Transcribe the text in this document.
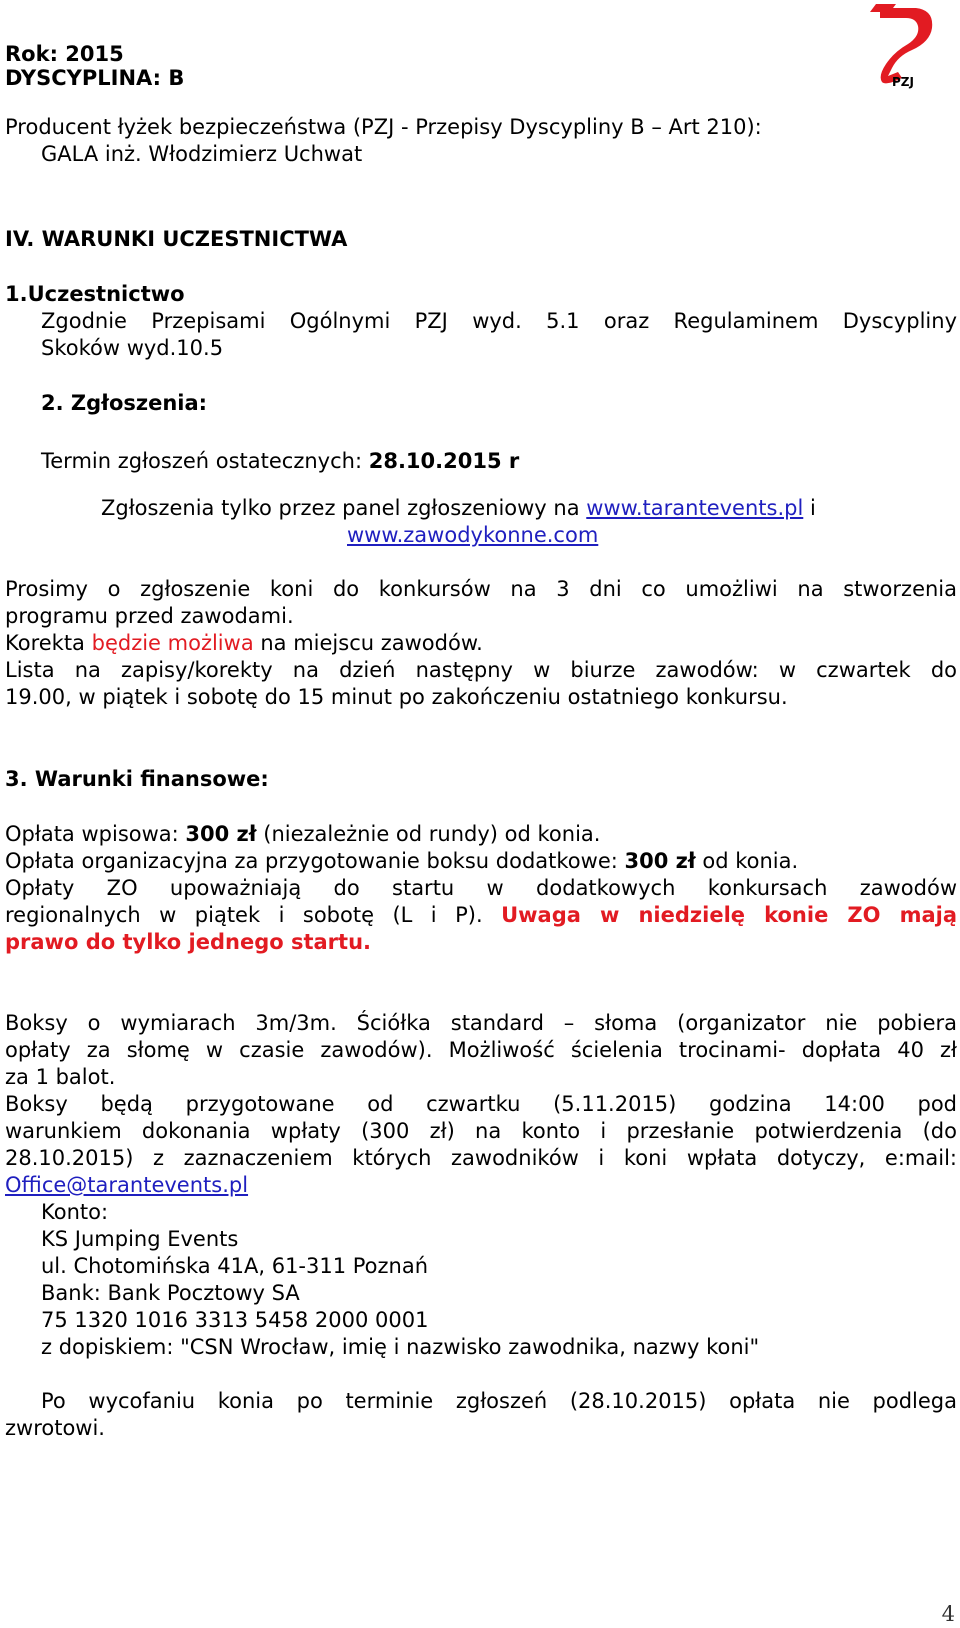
PZJ
Rok: 2015
DYSCYPLINA: B
Producent łyżek bezpieczeństwa (PZJ - Przepisy Dyscypliny B – Art 210):
GALA inż. Włodzimierz Uchwat
IV. WARUNKI UCZESTNICTWA
1.Uczestnictwo
Zgodnie Przepisami Ogólnymi PZJ wyd. 5.1 oraz Regulaminem Dyscypliny
Skoków wyd.10.5
2. Zgłoszenia:
Termin zgłoszeń ostatecznych: 28.10.2015 r
Zgłoszenia tylko przez panel zgłoszeniowy na www.tarantevents.pl i
www.zawodykonne.com
Prosimy o zgłoszenie koni do konkursów na 3 dni co umożliwi na stworzenia
programu przed zawodami.
Korekta będzie możliwa na miejscu zawodów.
Lista na zapisy/korekty na dzień następny w biurze zawodów: w czwartek do
19.00, w piątek i sobotę do 15 minut po zakończeniu ostatniego konkursu.
3. Warunki finansowe:
Opłata wpisowa: 300 zł (niezależnie od rundy) od konia.
Opłata organizacyjna za przygotowanie boksu dodatkowe: 300 zł od konia.
Opłaty ZO upoważniają do startu w dodatkowych konkursach zawodów
regionalnych w piątek i sobotę (L i P). Uwaga w niedzielę konie ZO mają
prawo do tylko jednego startu.
Boksy o wymiarach 3m/3m. Ściółka standard – słoma (organizator nie pobiera
opłaty za słomę w czasie zawodów). Możliwość ścielenia trocinami- dopłata 40 zł
za 1 balot.
Boksy będą przygotowane od czwartku (5.11.2015) godzina 14:00 pod
warunkiem dokonania wpłaty (300 zł) na konto i przesłanie potwierdzenia (do
28.10.2015) z zaznaczeniem których zawodników i koni wpłata dotyczy, e:mail:
Office@tarantevents.pl
Konto:
KS Jumping Events
ul. Chotomińska 41A, 61-311 Poznań
Bank: Bank Pocztowy SA
75 1320 1016 3313 5458 2000 0001
z dopiskiem: "CSN Wrocław, imię i nazwisko zawodnika, nazwy koni"
Po wycofaniu konia po terminie zgłoszeń (28.10.2015) opłata nie podlega
zwrotowi.
4
